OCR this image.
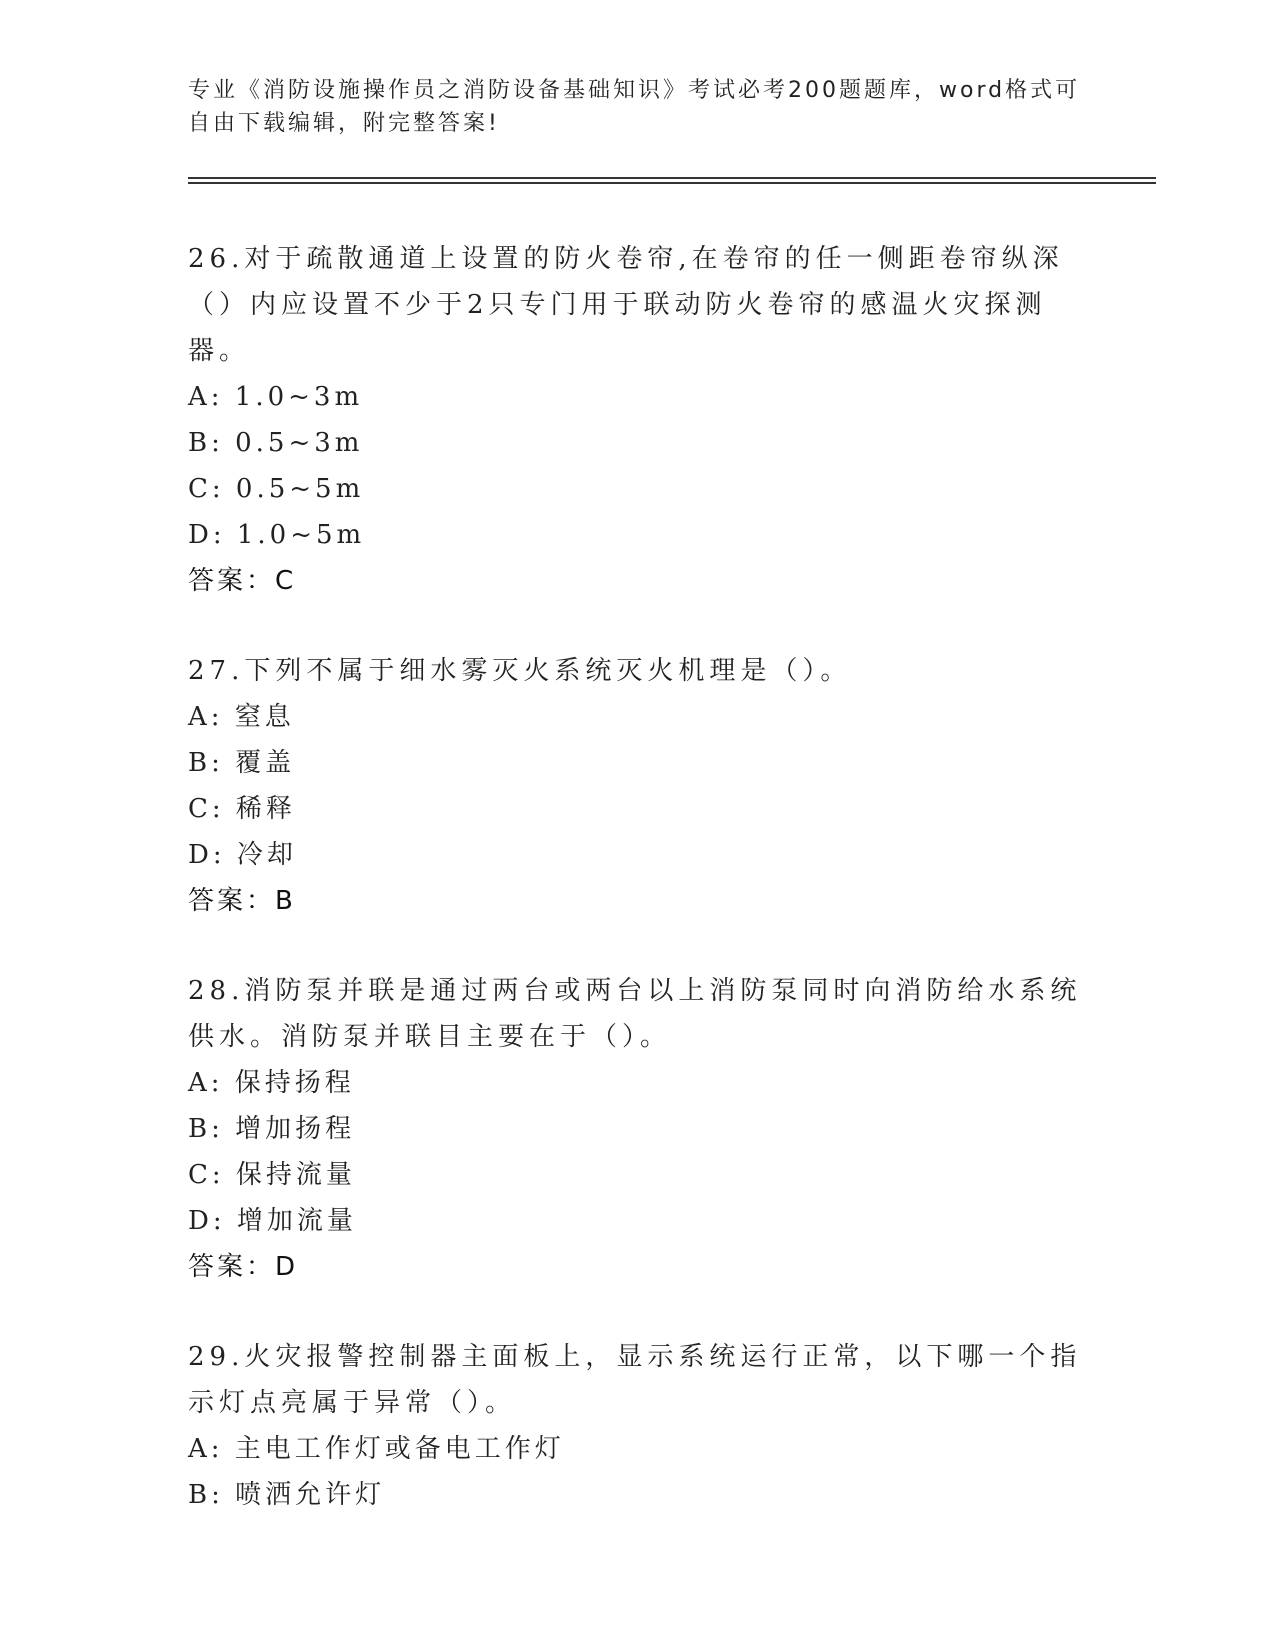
专业《消防设施操作员之消防设备基础知识》考试必考200题题库，word格式可自由下载编辑，附完整答案!

26.对于疏散通道上设置的防火卷帘,在卷帘的任一侧距卷帘纵深（）内应设置不少于2只专门用于联动防火卷帘的感温火灾探测器。

A: 1.0~3m

B: 0.5~3m

C: 0.5~5m

D: 1.0~5m

答案：C

27.下列不属于细水雾灭火系统灭火机理是（）。

A: 窒息

B: 覆盖

C: 稀释

D: 冷却

答案：B

28.消防泵并联是通过两台或两台以上消防泵同时向消防给水系统供水。消防泵并联目主要在于（）。

A: 保持扬程

B: 增加扬程

C: 保持流量

D: 增加流量

答案：D

29.火灾报警控制器主面板上，显示系统运行正常，以下哪一个指示灯点亮属于异常（）。

A: 主电工作灯或备电工作灯

B: 喷洒允许灯
